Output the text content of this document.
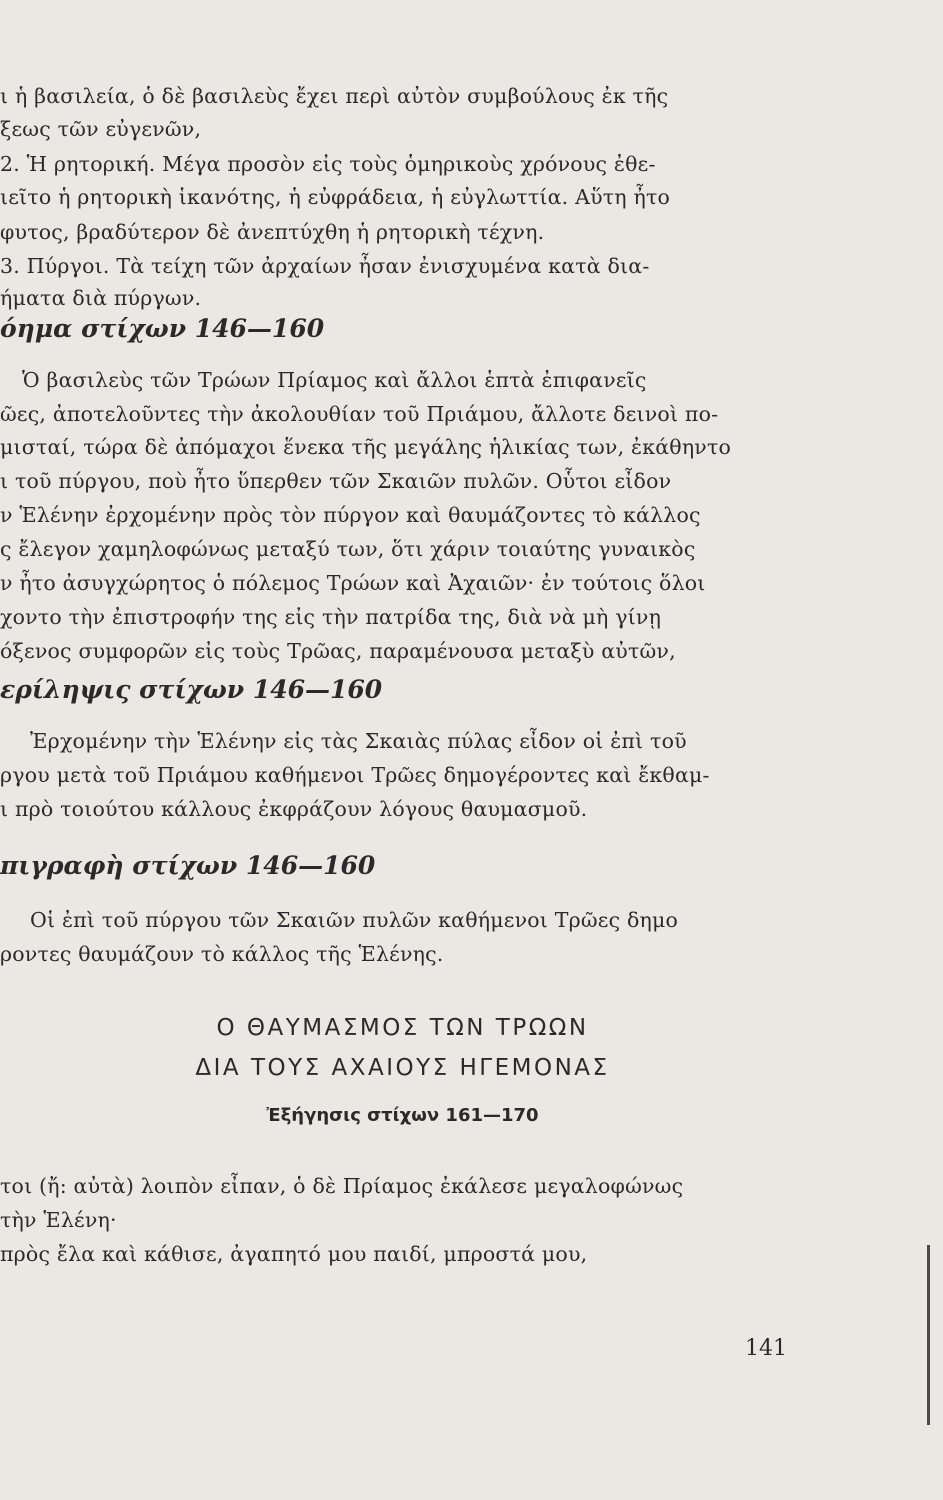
ι ἡ βασιλεία, ὁ δὲ βασιλεὺς ἔχει περὶ αὐτὸν συμβούλους ἐκ τῆς
ξεως τῶν εὐγενῶν,
2. Ἡ ρητορική. Μέγα προσὸν εἰς τοὺς ὁμηρικοὺς χρόνους ἐθε-
ιεῖτο ἡ ρητορικὴ ἱκανότης, ἡ εὐφράδεια, ἡ εὐγλωττία. Αὕτη ἦτο
φυτος, βραδύτερον δὲ ἀνεπτύχθη ἡ ρητορικὴ τέχνη.
3. Πύργοι. Τὰ τείχη τῶν ἀρχαίων ἦσαν ἐνισχυμένα κατὰ δια-
ήματα διὰ πύργων.
όημα στίχων 146—160
Ὁ βασιλεὺς τῶν Τρώων Πρίαμος καὶ ἄλλοι ἑπτὰ ἐπιφανεῖς
ῶες, ἀποτελοῦντες τὴν ἀκολουθίαν τοῦ Πριάμου, ἄλλοτε δεινοὶ πο-
μισταί, τώρα δὲ ἀπόμαχοι ἕνεκα τῆς μεγάλης ἡλικίας των, ἐκάθηντο
ι τοῦ πύργου, ποὺ ἦτο ὕπερθεν τῶν Σκαιῶν πυλῶν. Οὗτοι εἶδον
ν Ἑλένην ἐρχομένην πρὸς τὸν πύργον καὶ θαυμάζοντες τὸ κάλλος
ς ἔλεγον χαμηλοφώνως μεταξύ των, ὅτι χάριν τοιαύτης γυναικὸς
ν ἦτο ἀσυγχώρητος ὁ πόλεμος Τρώων καὶ Ἀχαιῶν· ἐν τούτοις ὅλοι
χοντο τὴν ἐπιστροφήν της εἰς τὴν πατρίδα της, διὰ νὰ μὴ γίνῃ
όξενος συμφορῶν εἰς τοὺς Τρῶας, παραμένουσα μεταξὺ αὐτῶν,
ερίληψις στίχων 146—160
Ἐρχομένην τὴν Ἑλένην εἰς τὰς Σκαιὰς πύλας εἶδον οἱ ἐπὶ τοῦ
ργου μετὰ τοῦ Πριάμου καθήμενοι Τρῶες δημογέροντες καὶ ἔκθαμ-
ι πρὸ τοιούτου κάλλους ἐκφράζουν λόγους θαυμασμοῦ.
πιγραφὴ στίχων 146—160
Οἱ ἐπὶ τοῦ πύργου τῶν Σκαιῶν πυλῶν καθήμενοι Τρῶες δημο
ροντες θαυμάζουν τὸ κάλλος τῆς Ἑλένης.
Ο ΘΑΥΜΑΣΜΟΣ ΤΩΝ ΤΡΩΩΝ
ΔΙΑ ΤΟΥΣ ΑΧΑΙΟΥΣ ΗΓΕΜΟΝΑΣ
Ἐξήγησις στίχων 161—170
τοι (ἤ: αὐτὰ) λοιπὸν εἶπαν, ὁ δὲ Πρίαμος ἐκάλεσε μεγαλοφώνως
τὴν Ἑλένη·
πρὸς ἔλα καὶ κάθισε, ἀγαπητό μου παιδί, μπροστά μου,
141
